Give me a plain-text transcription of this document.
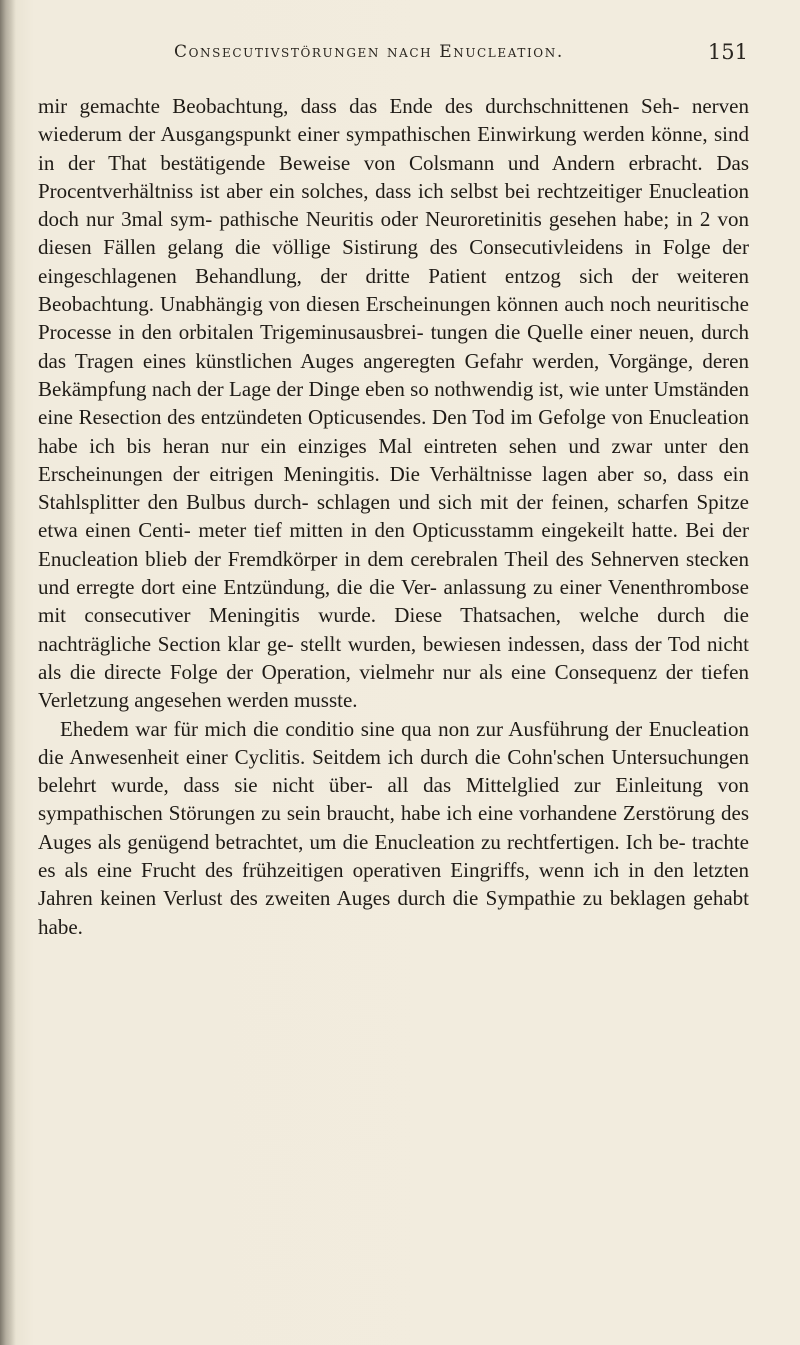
Consecutivstörungen nach Enucleation.	151

mir gemachte Beobachtung, dass das Ende des durchschnittenen Seh- nerven wiederum der Ausgangspunkt einer sympathischen Einwirkung werden könne, sind in der That bestätigende Beweise von Colsmann und Andern erbracht. Das Procentverhältniss ist aber ein solches, dass ich selbst bei rechtzeitiger Enucleation doch nur 3mal sym- pathische Neuritis oder Neuroretinitis gesehen habe; in 2 von diesen Fällen gelang die völlige Sistirung des Consecutivleidens in Folge der eingeschlagenen Behandlung, der dritte Patient entzog sich der weiteren Beobachtung. Unabhängig von diesen Erscheinungen können auch noch neuritische Processe in den orbitalen Trigeminusausbrei- tungen die Quelle einer neuen, durch das Tragen eines künstlichen Auges angeregten Gefahr werden, Vorgänge, deren Bekämpfung nach der Lage der Dinge eben so nothwendig ist, wie unter Umständen eine Resection des entzündeten Opticusendes. Den Tod im Gefolge von Enucleation habe ich bis heran nur ein einziges Mal eintreten sehen und zwar unter den Erscheinungen der eitrigen Meningitis. Die Verhältnisse lagen aber so, dass ein Stahlsplitter den Bulbus durch- schlagen und sich mit der feinen, scharfen Spitze etwa einen Centi- meter tief mitten in den Opticusstamm eingekeilt hatte. Bei der Enucleation blieb der Fremdkörper in dem cerebralen Theil des Sehnerven stecken und erregte dort eine Entzündung, die die Ver- anlassung zu einer Venenthrombose mit consecutiver Meningitis wurde. Diese Thatsachen, welche durch die nachträgliche Section klar ge- stellt wurden, bewiesen indessen, dass der Tod nicht als die directe Folge der Operation, vielmehr nur als eine Consequenz der tiefen Verletzung angesehen werden musste.

Ehedem war für mich die conditio sine qua non zur Ausführung der Enucleation die Anwesenheit einer Cyclitis. Seitdem ich durch die Cohn'schen Untersuchungen belehrt wurde, dass sie nicht über- all das Mittelglied zur Einleitung von sympathischen Störungen zu sein braucht, habe ich eine vorhandene Zerstörung des Auges als genügend betrachtet, um die Enucleation zu rechtfertigen. Ich be- trachte es als eine Frucht des frühzeitigen operativen Eingriffs, wenn ich in den letzten Jahren keinen Verlust des zweiten Auges durch die Sympathie zu beklagen gehabt habe.
